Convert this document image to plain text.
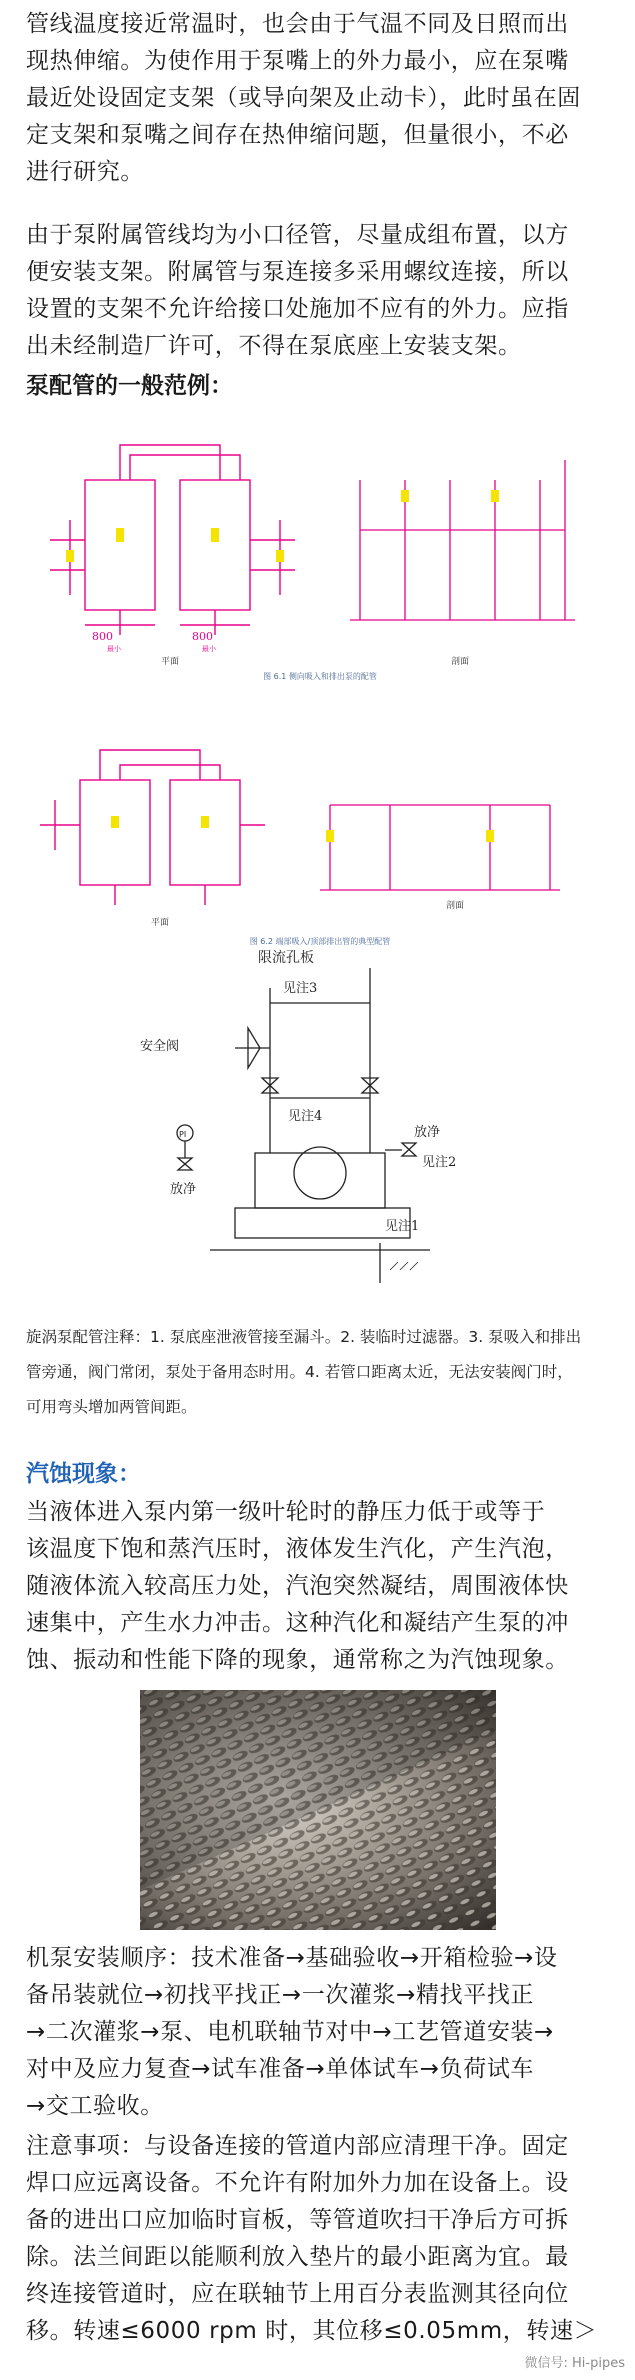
管线温度接近常温时，也会由于气温不同及日照而出
现热伸缩。为使作用于泵嘴上的外力最小，应在泵嘴
最近处设固定支架（或导向架及止动卡），此时虽在固
定支架和泵嘴之间存在热伸缩问题，但量很小，不必
进行研究。
由于泵附属管线均为小口径管，尽量成组布置，以方
便安装支架。附属管与泵连接多采用螺纹连接，所以
设置的支架不允许给接口处施加不应有的外力。应指
出未经制造厂许可，不得在泵底座上安装支架。
泵配管的一般范例：
800	800
最小	最小
平面	剖面
图 6.1 侧向吸入和排出泵的配管
平面
剖面
图 6.2 端部吸入/顶部排出管的典型配管
限流孔板
见注3
安全阀
见注4
放净
见注2
PI
放净
见注1
旋涡泵配管注释：1. 泵底座泄液管接至漏斗。2. 装临时过滤器。3. 泵吸入和排出
管旁通，阀门常闭，泵处于备用态时用。4. 若管口距离太近，无法安装阀门时，
可用弯头增加两管间距。
汽蚀现象：
当液体进入泵内第一级叶轮时的静压力低于或等于
该温度下饱和蒸汽压时，液体发生汽化，产生汽泡，
随液体流入较高压力处，汽泡突然凝结，周围液体快
速集中，产生水力冲击。这种汽化和凝结产生泵的冲
蚀、振动和性能下降的现象，通常称之为汽蚀现象。
机泵安装顺序：技术准备→基础验收→开箱检验→设
备吊装就位→初找平找正→一次灌浆→精找平找正
→二次灌浆→泵、电机联轴节对中→工艺管道安装→
对中及应力复查→试车准备→单体试车→负荷试车
→交工验收。
注意事项：与设备连接的管道内部应清理干净。固定
焊口应远离设备。不允许有附加外力加在设备上。设
备的进出口应加临时盲板，等管道吹扫干净后方可拆
除。法兰间距以能顺利放入垫片的最小距离为宜。最
终连接管道时，应在联轴节上用百分表监测其径向位
移。转速≤6000 rpm 时，其位移≤0.05mm，转速＞
微信号: Hi-pipes
